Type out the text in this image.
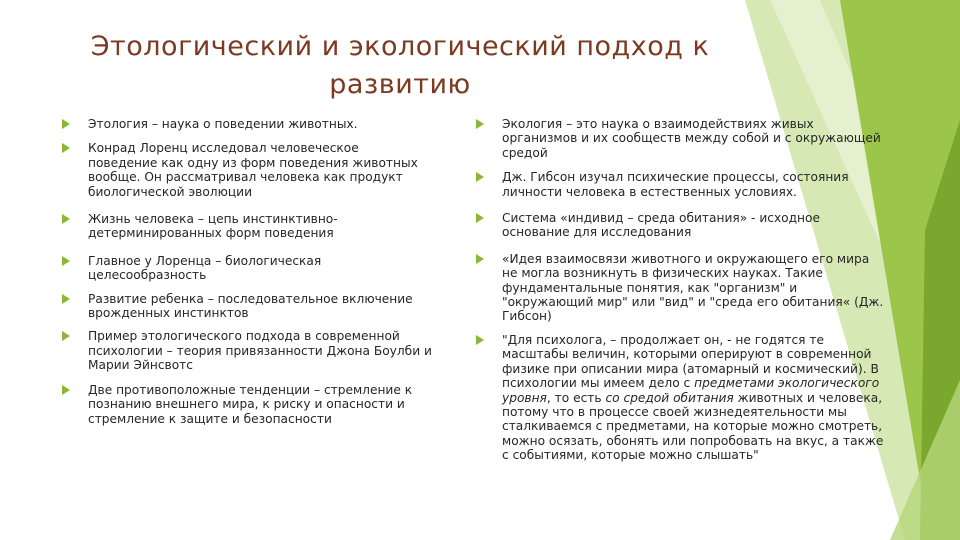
Этологический и экологический подход к развитию
Этология – наука о поведении животных.
Конрад Лоренц исследовал человеческое поведение как одну из форм поведения животных вообще. Он рассматривал человека как продукт биологической эволюции
Жизнь человека – цепь инстинктивно-детерминированных форм поведения
Главное у Лоренца – биологическая целесообразность
Развитие ребенка – последовательное включение врожденных инстинктов
Пример этологического подхода в современной психологии – теория привязанности Джона Боулби и Марии Эйнсвотс
Две противоположные тенденции – стремление к познанию внешнего мира, к риску и опасности и стремление к защите и безопасности
Экология – это наука о взаимодействиях живых организмов и их сообществ между собой и с окружающей средой
Дж. Гибсон изучал психические процессы, состояния личности человека в естественных условиях.
Система «индивид – среда обитания» - исходное основание для исследования
«Идея взаимосвязи животного и окружающего его мира не могла возникнуть в физических науках. Такие фундаментальные понятия, как "организм" и "окружающий мир" или "вид" и "среда его обитания« (Дж. Гибсон)
"Для психолога, – продолжает он, - не годятся те масштабы величин, которыми оперируют в современной физике при описании мира (атомарный и космический). В психологии мы имеем дело с предметами экологического уровня, то есть со средой обитания животных и человека, потому что в процессе своей жизнедеятельности мы сталкиваемся с предметами, на которые можно смотреть, можно осязать, обонять или попробовать на вкус, а также с событиями, которые можно слышать"
